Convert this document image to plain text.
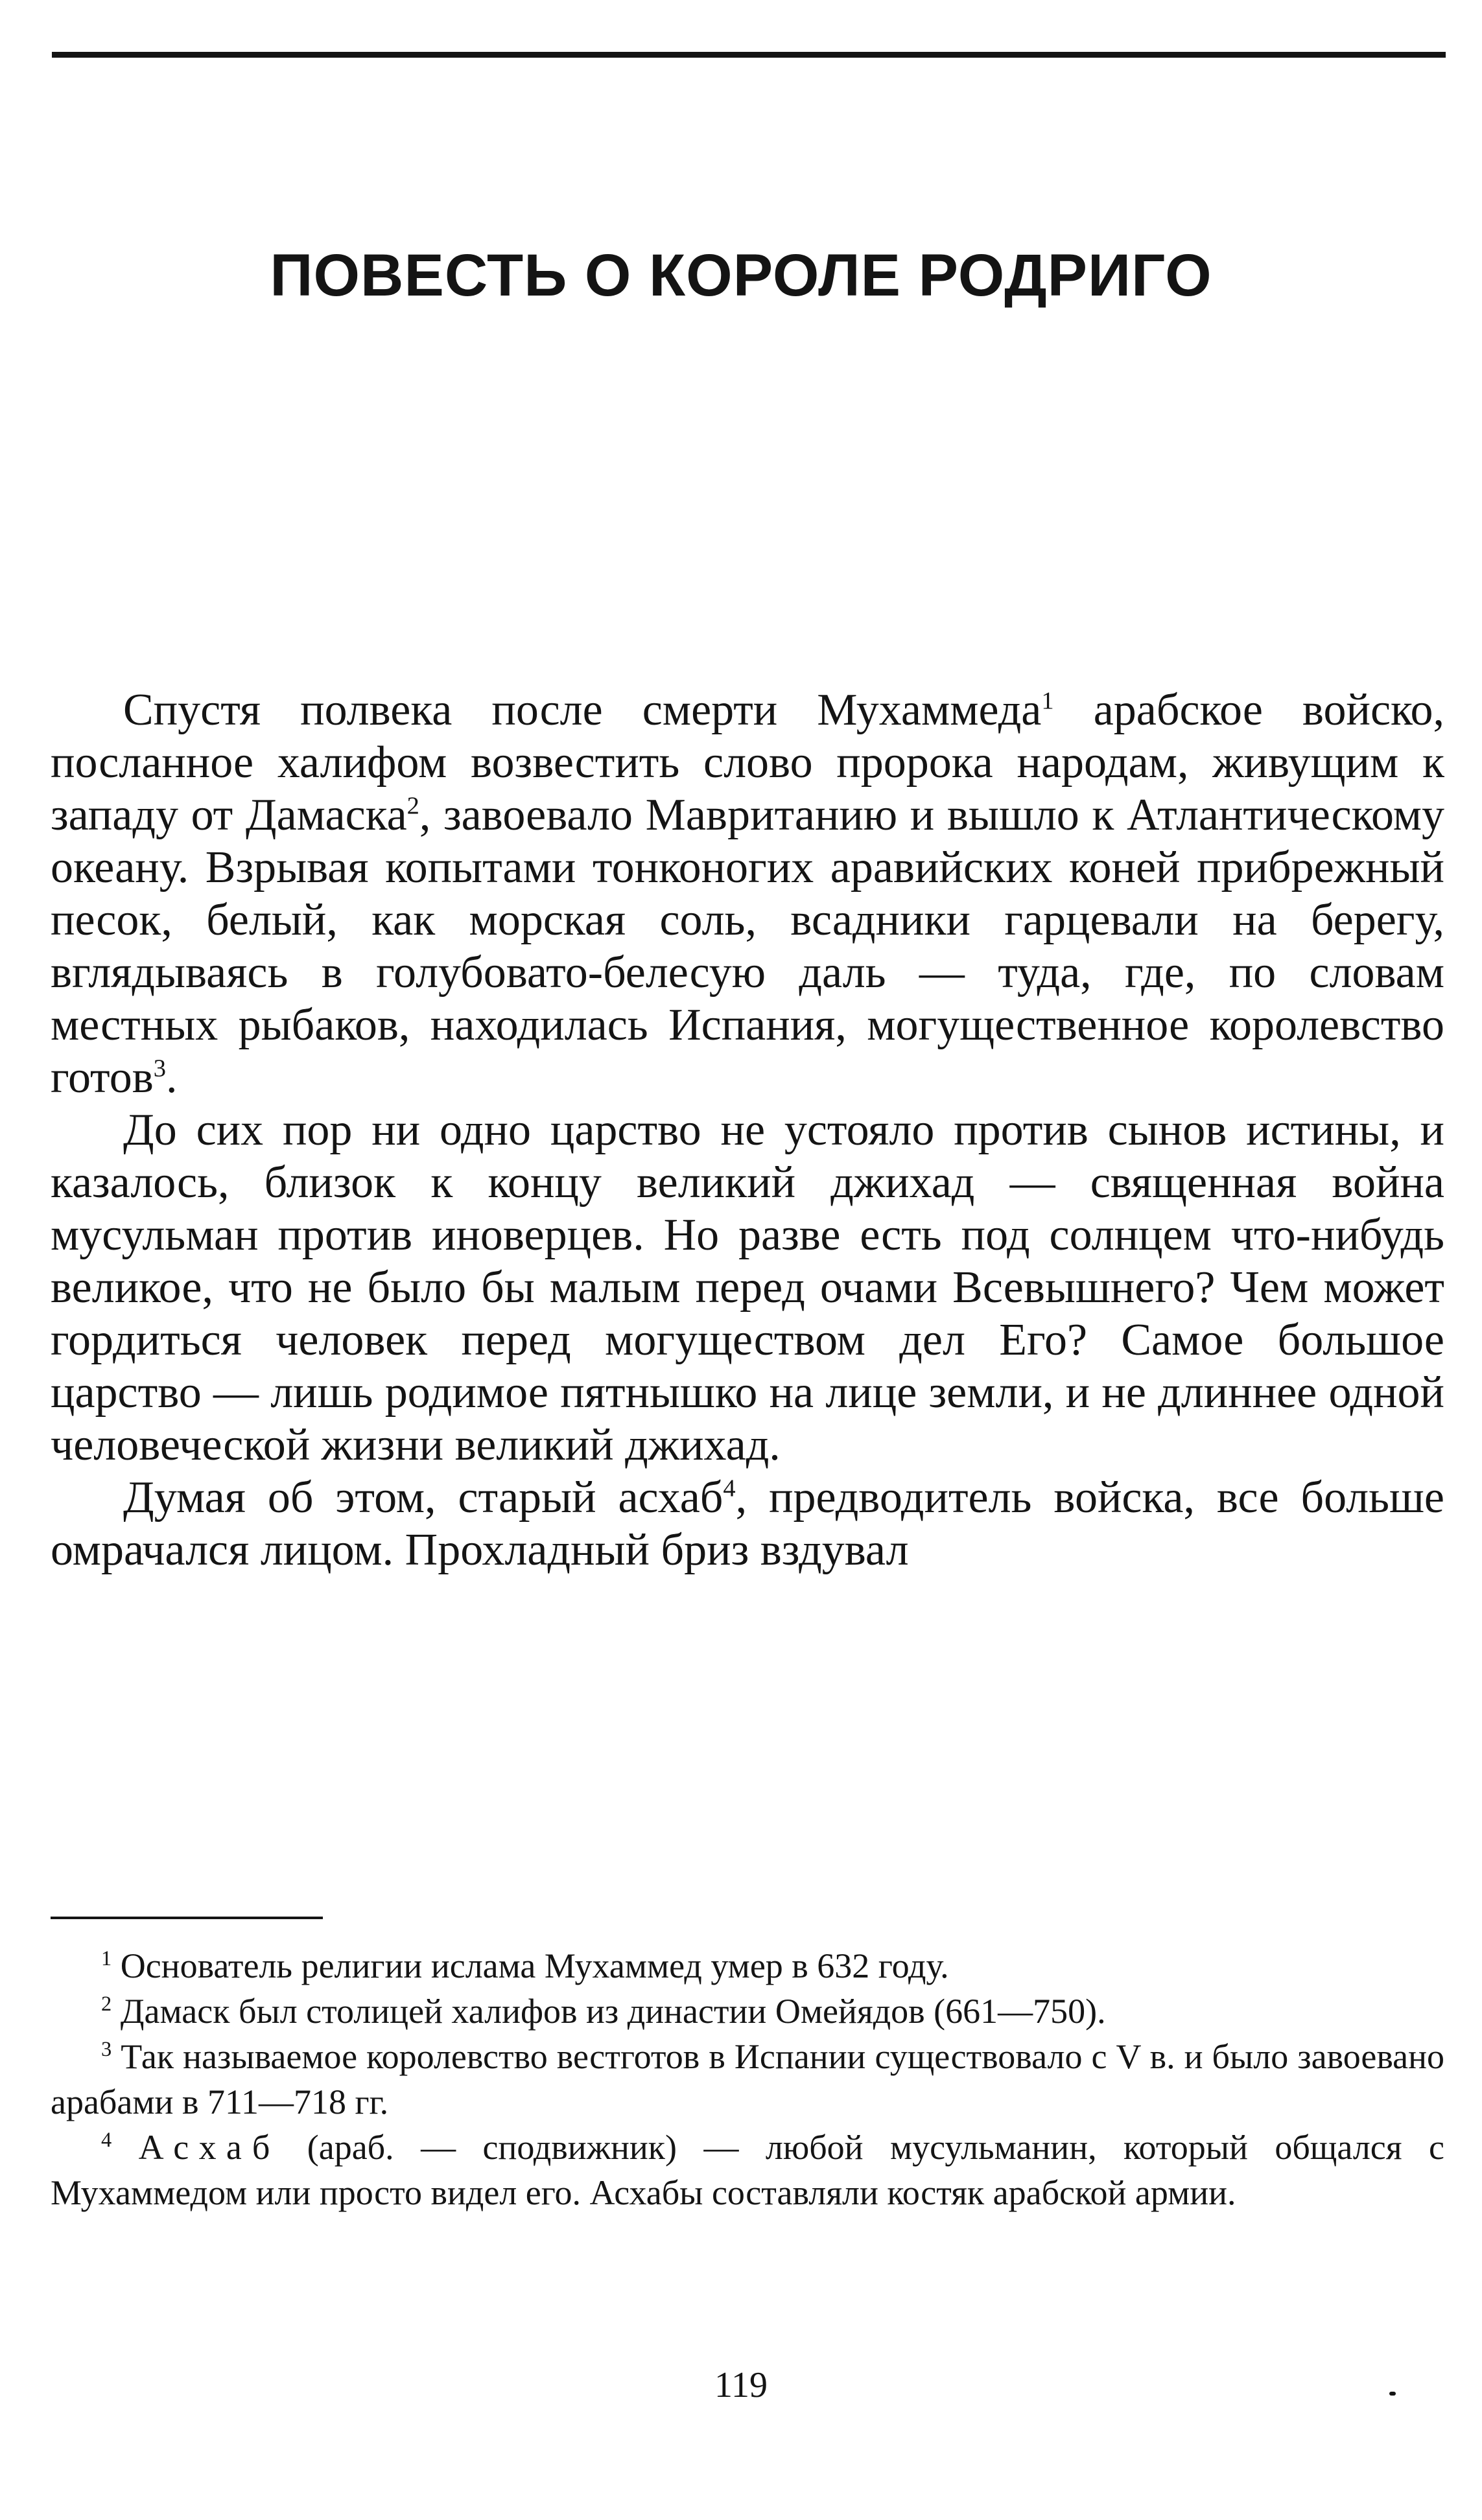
ПОВЕСТЬ О КОРОЛЕ РОДРИГО

Спустя полвека после смерти Мухаммеда$^1$ арабское войско, посланное халифом возвестить слово пророка народам, живущим к западу от Дамаска$^2$, завоевало Мавританию и вышло к Атлантическому океану. Взрывая копытами тонконогих аравийских коней прибрежный песок, белый, как морская соль, всадники гарцевали на берегу, вглядываясь в голубовато-белесую даль — туда, где, по словам местных рыбаков, находилась Испания, могущественное королевство готов$^3$.

До сих пор ни одно царство не устояло против сынов истины, и казалось, близок к концу великий джихад — священная война мусульман против иноверцев. Но разве есть под солнцем что-нибудь великое, что не было бы малым перед очами Всевышнего? Чем может гордиться человек перед могуществом дел Его? Самое большое царство — лишь родимое пятнышко на лице земли, и не длиннее одной человеческой жизни великий джихад.

Думая об этом, старый асхаб$^4$, предводитель войска, все больше омрачался лицом. Прохладный бриз вздувал

$^1$ Основатель религии ислама Мухаммед умер в 632 году.

$^2$ Дамаск был столицей халифов из династии Омейядов (661—750).

$^3$ Так называемое королевство вестготов в Испании существовало с V в. и было завоевано арабами в 711—718 гг.

$^4$ Асхаб (араб. — сподвижник) — любой мусульманин, который общался с Мухаммедом или просто видел его. Асхабы составляли костяк арабской армии.

119
